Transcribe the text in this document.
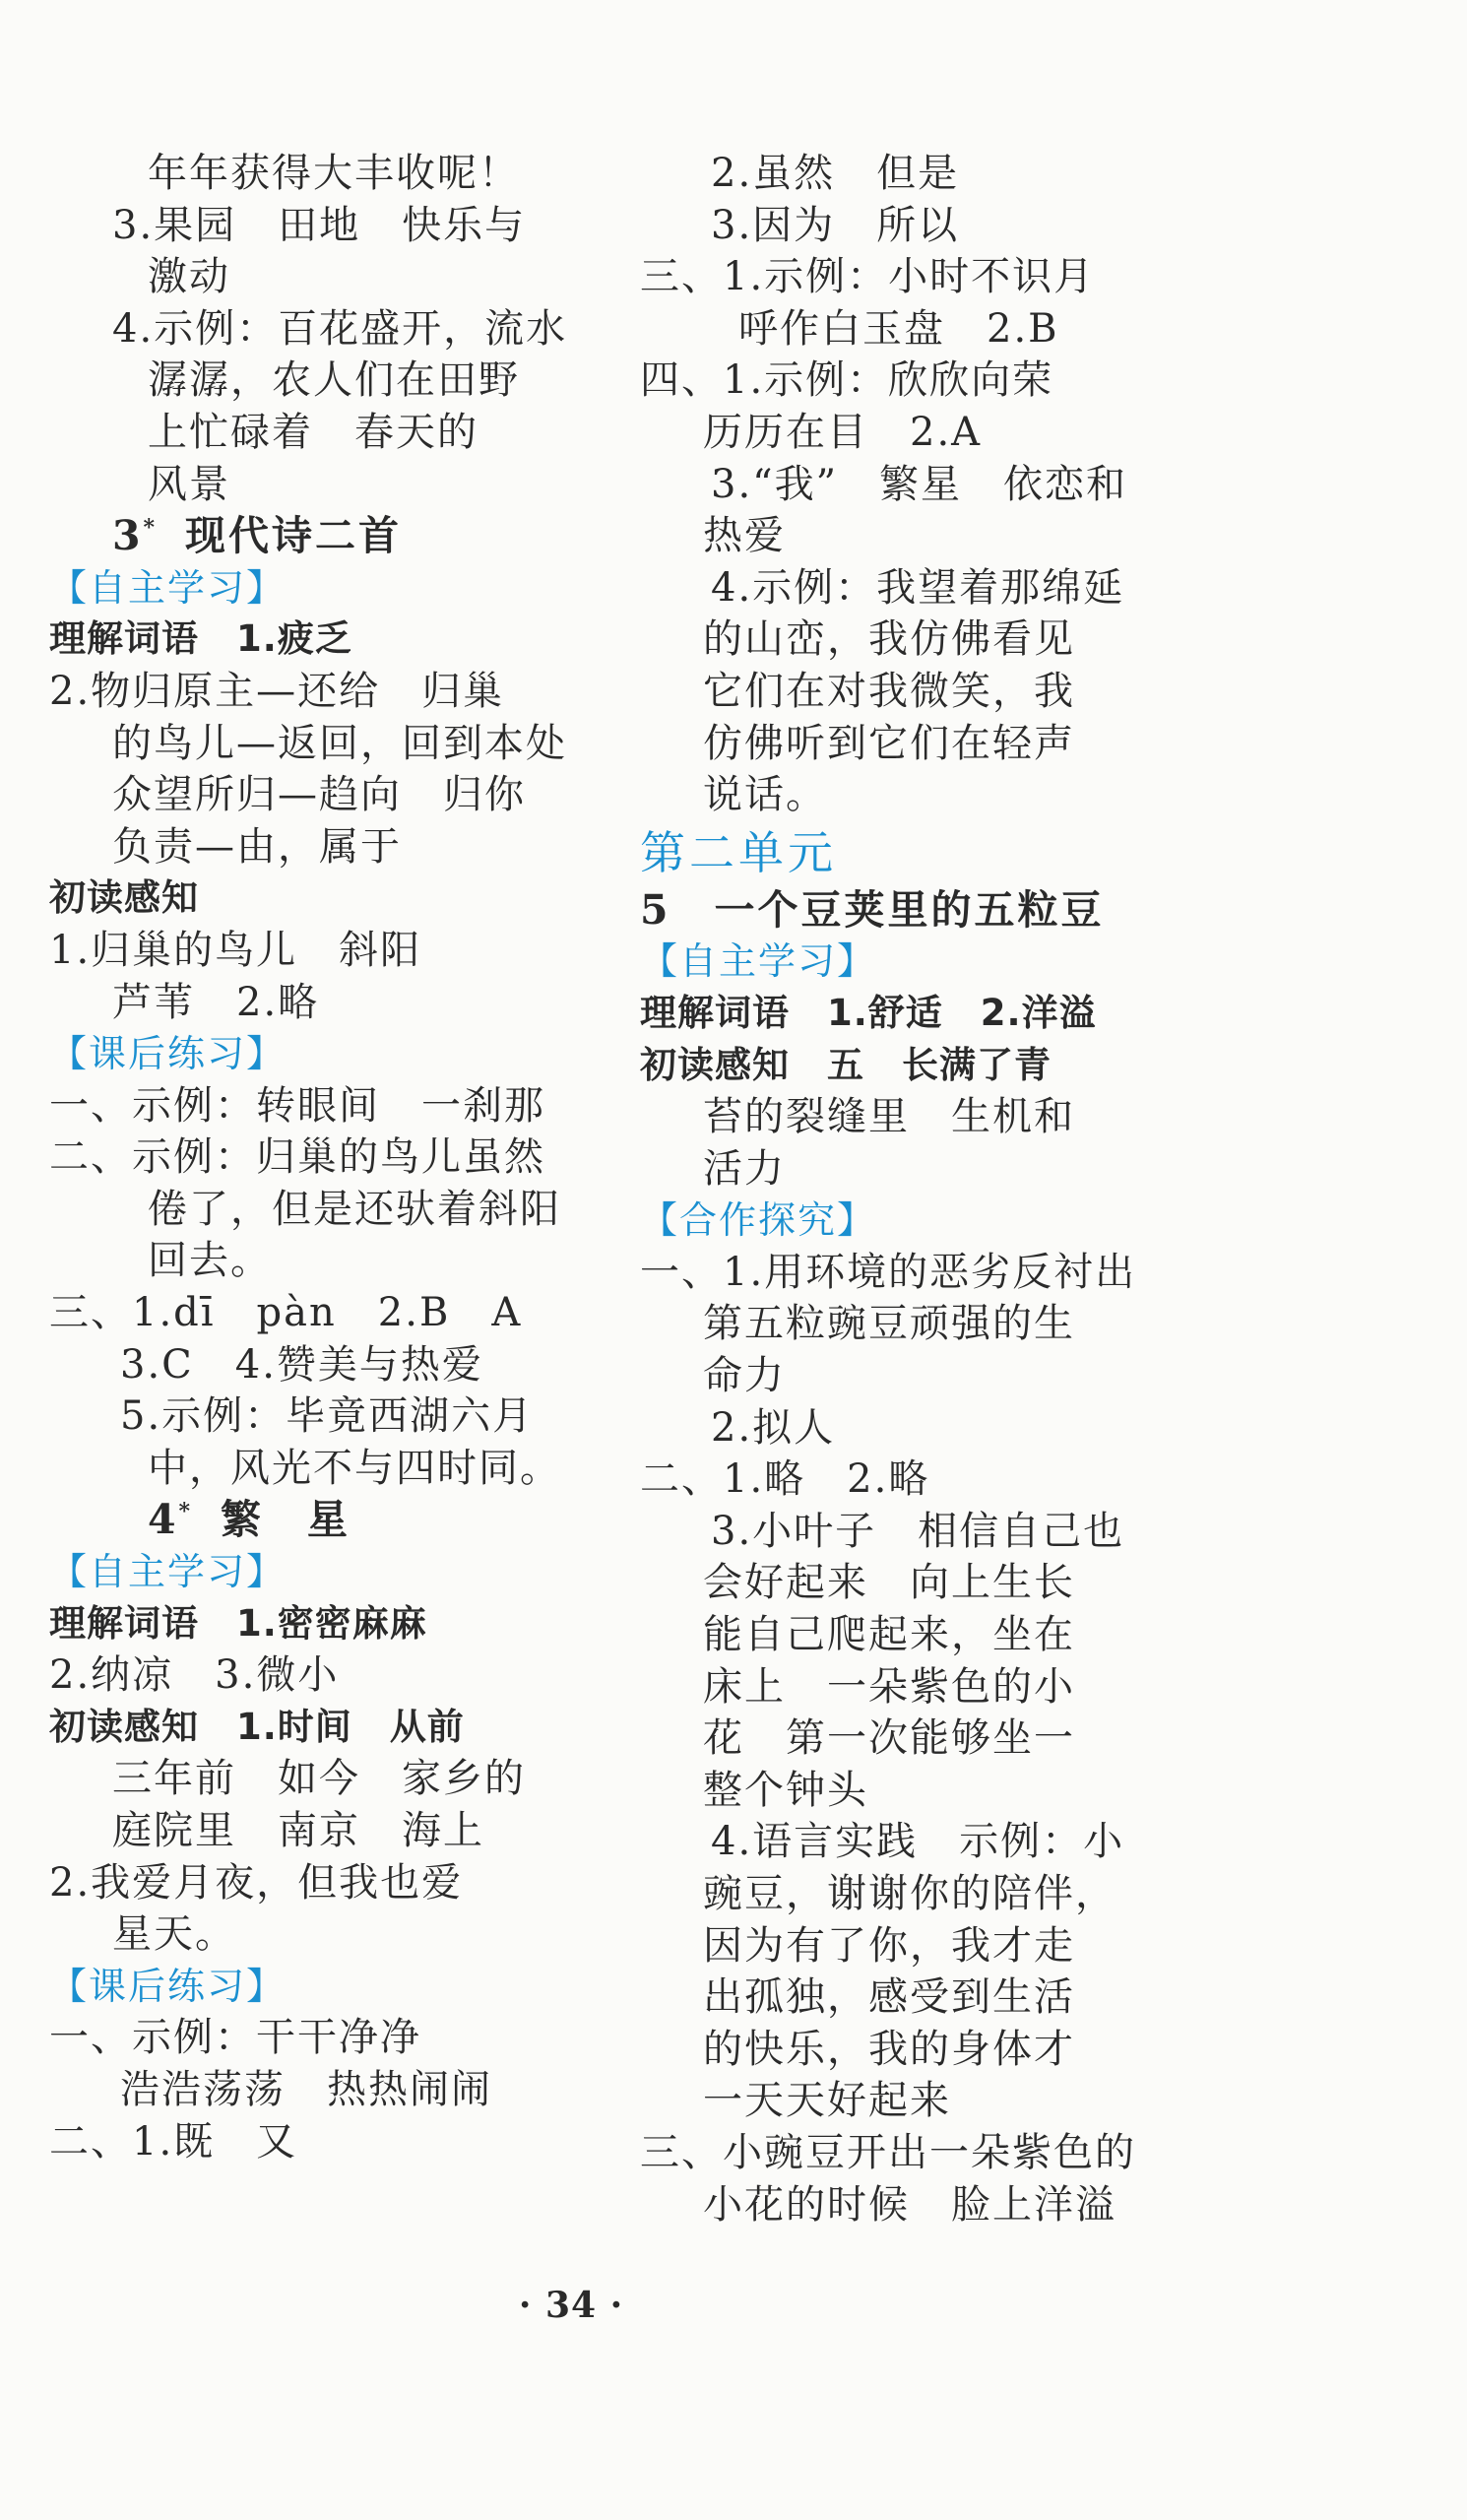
年年获得大丰收呢！
3.果园　田地　快乐与
激动
4.示例：百花盛开，流水
潺潺，农人们在田野
上忙碌着　春天的
风景
3* 现代诗二首
【自主学习】
理解词语　1.疲乏
2.物归原主—还给　归巢
的鸟儿—返回，回到本处
众望所归—趋向　归你
负责—由，属于
初读感知
1.归巢的鸟儿　斜阳
芦苇　2.略
【课后练习】
一、示例：转眼间　一刹那
二、示例：归巢的鸟儿虽然
倦了，但是还驮着斜阳
回去。
三、1.dī　pàn　2.B　A
3.C　4.赞美与热爱
5.示例：毕竟西湖六月
中，风光不与四时同。
4* 繁　星
【自主学习】
理解词语　1.密密麻麻
2.纳凉　3.微小
初读感知　1.时间　从前
三年前　如今　家乡的
庭院里　南京　海上
2.我爱月夜，但我也爱
星天。
【课后练习】
一、示例：干干净净
浩浩荡荡　热热闹闹
二、1.既　又
2.虽然　但是
3.因为　所以
三、1.示例：小时不识月
呼作白玉盘　2.B
四、1.示例：欣欣向荣
历历在目　2.A
3.“我”　繁星　依恋和
热爱
4.示例：我望着那绵延
的山峦，我仿佛看见
它们在对我微笑，我
仿佛听到它们在轻声
说话。
第二单元
5　一个豆荚里的五粒豆
【自主学习】
理解词语　1.舒适　2.洋溢
初读感知　五　长满了青
苔的裂缝里　生机和
活力
【合作探究】
一、1.用环境的恶劣反衬出
第五粒豌豆顽强的生
命力
2.拟人
二、1.略　2.略
3.小叶子　相信自己也
会好起来　向上生长
能自己爬起来，坐在
床上　一朵紫色的小
花　第一次能够坐一
整个钟头
4.语言实践　示例：小
豌豆，谢谢你的陪伴，
因为有了你，我才走
出孤独，感受到生活
的快乐，我的身体才
一天天好起来
三、小豌豆开出一朵紫色的
小花的时候　脸上洋溢
· 34 ·
